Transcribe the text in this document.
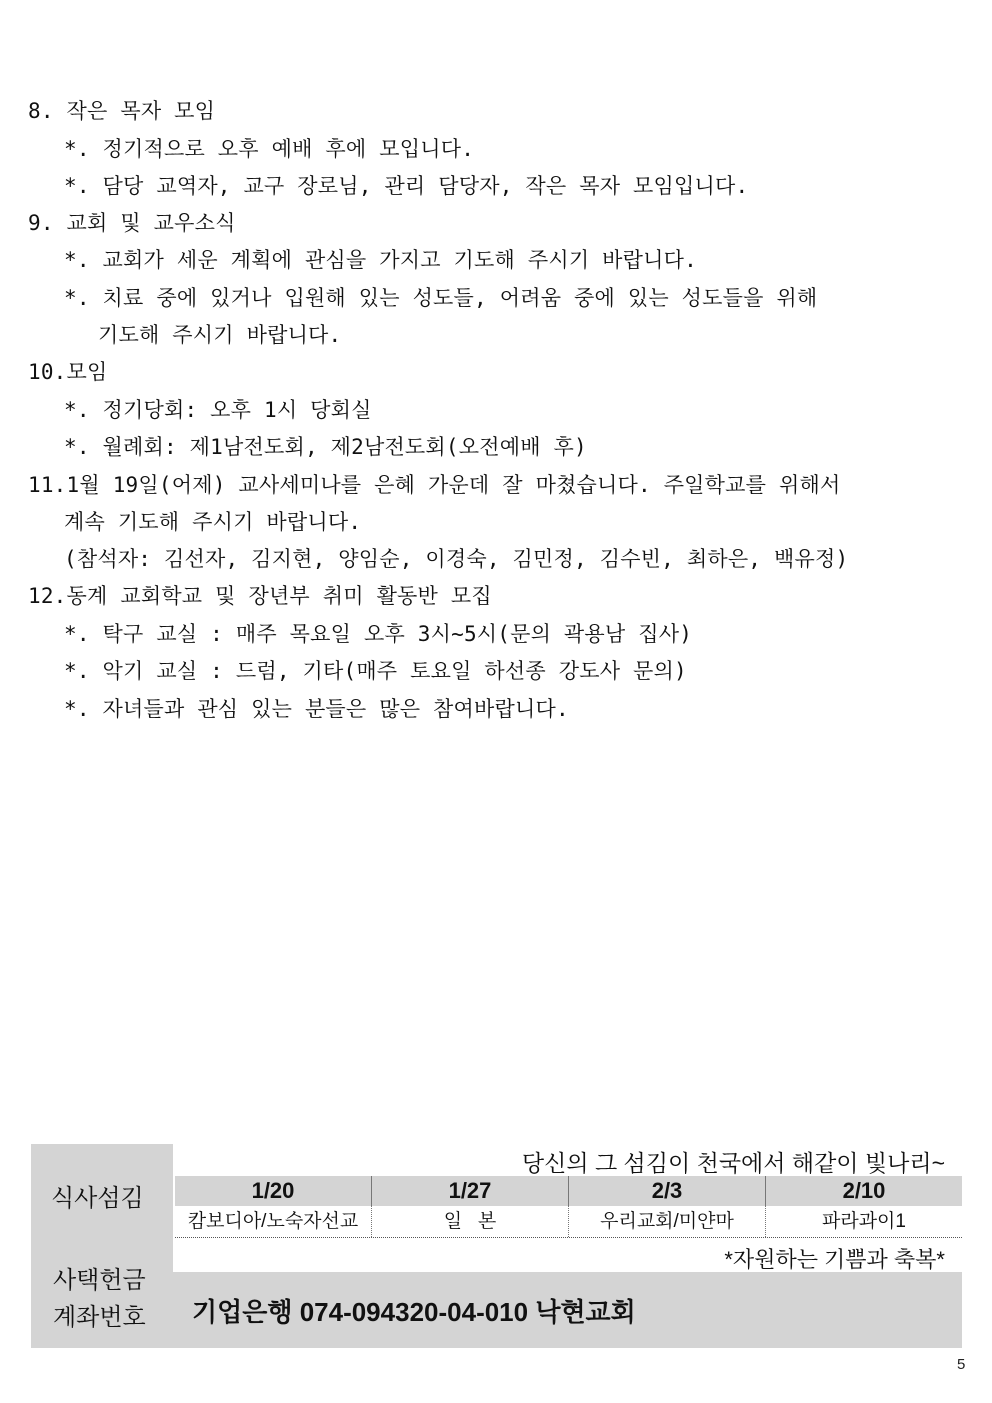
8. 작은 목자 모임
*. 정기적으로 오후 예배 후에 모입니다.
*. 담당 교역자, 교구 장로님, 관리 담당자, 작은 목자 모임입니다.
9. 교회 및 교우소식
*. 교회가 세운 계획에 관심을 가지고 기도해 주시기 바랍니다.
*. 치료 중에 있거나 입원해 있는 성도들, 어려움 중에 있는 성도들을 위해
기도해 주시기 바랍니다.
10.모임
*. 정기당회: 오후 1시 당회실
*. 월례회: 제1남전도회, 제2남전도회(오전예배 후)
11.1월 19일(어제) 교사세미나를 은혜 가운데 잘 마쳤습니다. 주일학교를 위해서
계속 기도해 주시기 바랍니다.
(참석자: 김선자, 김지현, 양임순, 이경숙, 김민정, 김수빈, 최하은, 백유정)
12.동계 교회학교 및 장년부 취미 활동반 모집
*. 탁구 교실 : 매주 목요일 오후 3시~5시(문의 곽용남 집사)
*. 악기 교실 : 드럼, 기타(매주 토요일 하선종 강도사 문의)
*. 자녀들과 관심 있는 분들은 많은 참여바랍니다.
식사섬김
당신의 그 섬김이 천국에서 해같이 빛나리~
1/20	1/27	2/3	2/10
캄보디아/노숙자선교	일   본	우리교회/미얀마	파라과이1
사택헌금
*자원하는 기쁨과 축복*
계좌번호 기업은행 074-094320-04-010 낙현교회
5
